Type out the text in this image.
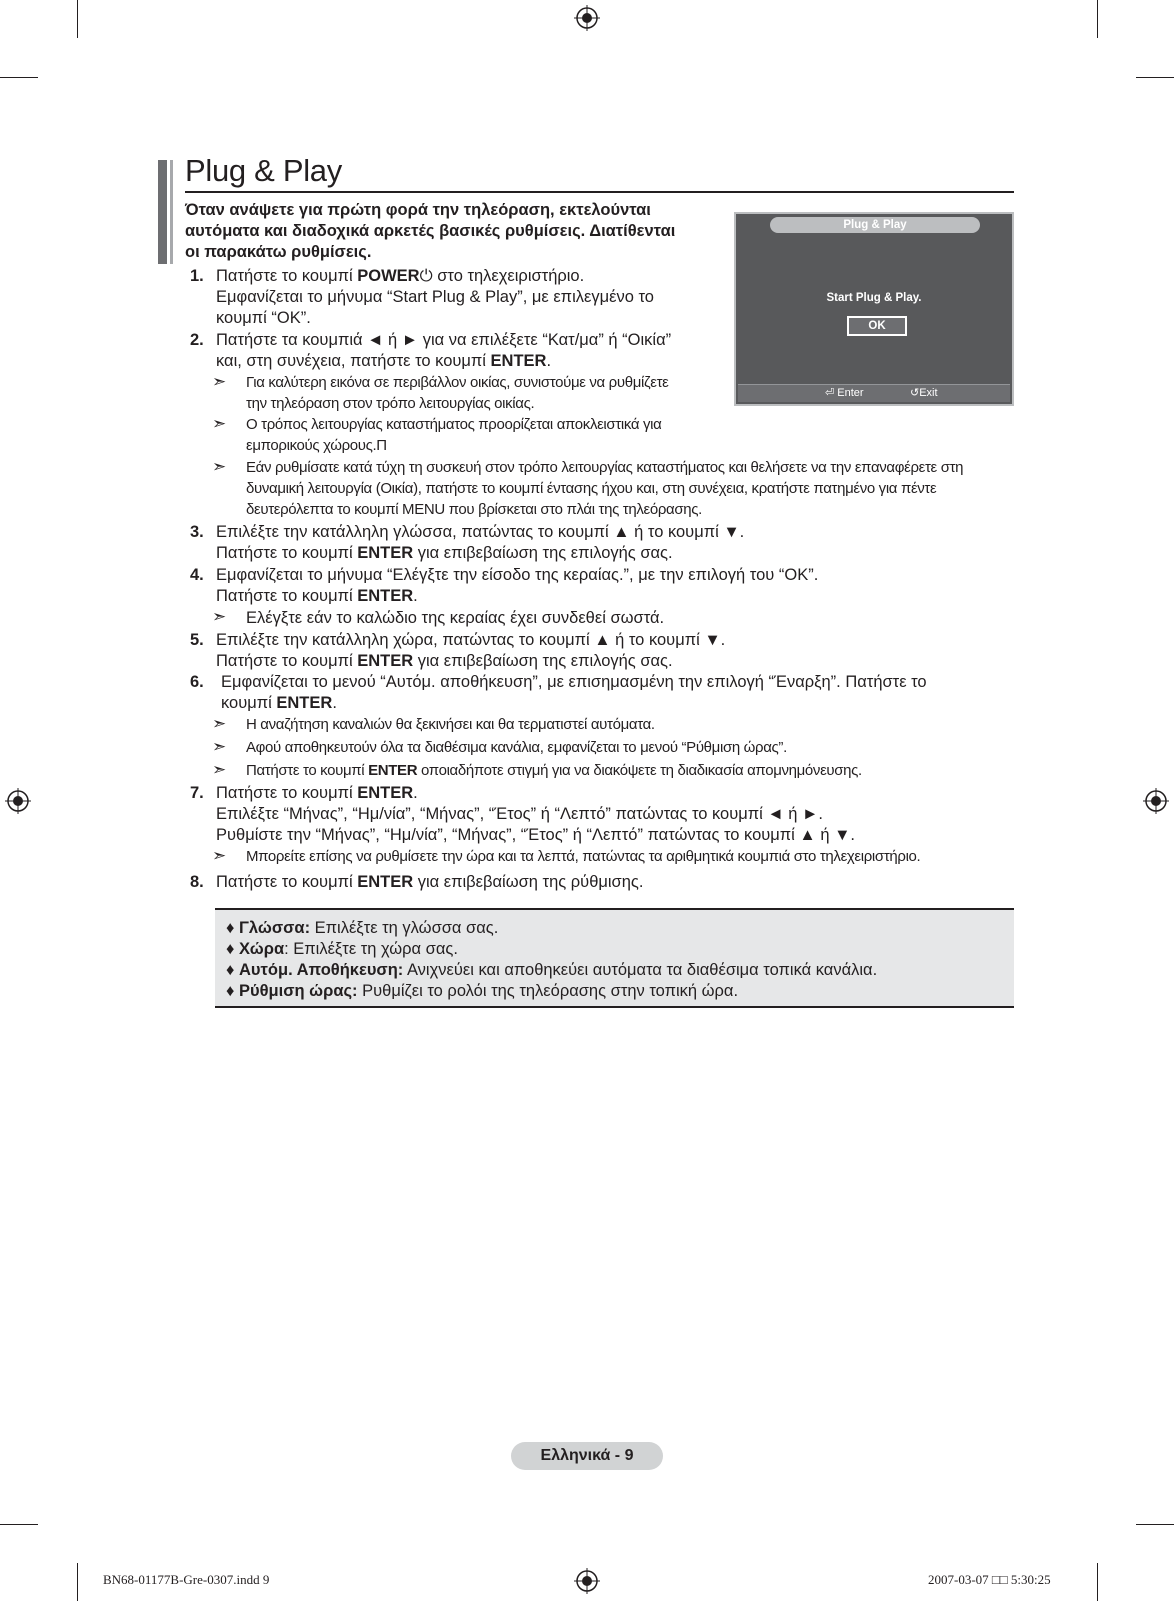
Plug & Play
Όταν ανάψετε για πρώτη φορά την τηλεόραση, εκτελούνται
αυτόματα και διαδοχικά αρκετές βασικές ρυθμίσεις. Διατίθενται
οι παρακάτω ρυθμίσεις.
Plug & Play
Start Plug & Play.
OK
⏎ Enter	↺Exit
1. Πατήστε το κουμπί POWER⏻ στο τηλεχειριστήριο.
Εμφανίζεται το μήνυμα “Start Plug & Play”, με επιλεγμένο το
κουμπί “OK”.
2. Πατήστε τα κουμπιά ◄ ή ► για να επιλέξετε “Κατ/μα” ή “Οικία”
και, στη συνέχεια, πατήστε το κουμπί ENTER.
➣ Για καλύτερη εικόνα σε περιβάλλον οικίας, συνιστούμε να ρυθμίζετε
την τηλεόραση στον τρόπο λειτουργίας οικίας.
➣ Ο τρόπος λειτουργίας καταστήματος προορίζεται αποκλειστικά για
εμπορικούς χώρους.Π
➣ Εάν ρυθμίσατε κατά τύχη τη συσκευή στον τρόπο λειτουργίας καταστήματος και θελήσετε να την επαναφέρετε στη
δυναμική λειτουργία (Οικία), πατήστε το κουμπί έντασης ήχου και, στη συνέχεια, κρατήστε πατημένο για πέντε
δευτερόλεπτα το κουμπί MENU που βρίσκεται στο πλάι της τηλεόρασης.
3. Επιλέξτε την κατάλληλη γλώσσα, πατώντας το κουμπί ▲ ή το κουμπί ▼.
Πατήστε το κουμπί ENTER για επιβεβαίωση της επιλογής σας.
4. Εμφανίζεται το μήνυμα “Ελέγξτε την είσοδο της κεραίας.”, με την επιλογή του “OK”.
Πατήστε το κουμπί ENTER.
➣ Ελέγξτε εάν το καλώδιο της κεραίας έχει συνδεθεί σωστά.
5. Επιλέξτε την κατάλληλη χώρα, πατώντας το κουμπί ▲ ή το κουμπί ▼.
Πατήστε το κουμπί ENTER για επιβεβαίωση της επιλογής σας.
6. Εμφανίζεται το μενού “Αυτόμ. αποθήκευση”, με επισημασμένη την επιλογή “Έναρξη”. Πατήστε το
κουμπί ENTER.
➣ Η αναζήτηση καναλιών θα ξεκινήσει και θα τερματιστεί αυτόματα.
➣ Αφού αποθηκευτούν όλα τα διαθέσιμα κανάλια, εμφανίζεται το μενού “Ρύθμιση ώρας”.
➣ Πατήστε το κουμπί ENTER οποιαδήποτε στιγμή για να διακόψετε τη διαδικασία απομνημόνευσης.
7. Πατήστε το κουμπί ENTER.
Επιλέξτε “Μήνας”, “Ημ/νία”, “Μήνας”, “Έτος” ή “Λεπτό” πατώντας το κουμπί ◄ ή ►.
Ρυθμίστε την “Μήνας”, “Ημ/νία”, “Μήνας”, “Έτος” ή “Λεπτό” πατώντας το κουμπί ▲ ή ▼.
➣ Μπορείτε επίσης να ρυθμίσετε την ώρα και τα λεπτά, πατώντας τα αριθμητικά κουμπιά στο τηλεχειριστήριο.
8. Πατήστε το κουμπί ENTER για επιβεβαίωση της ρύθμισης.
♦ Γλώσσα: Επιλέξτε τη γλώσσα σας.
♦ Χώρα: Επιλέξτε τη χώρα σας.
♦ Αυτόμ. Αποθήκευση: Ανιχνεύει και αποθηκεύει αυτόματα τα διαθέσιμα τοπικά κανάλια.
♦ Ρύθμιση ώρας: Ρυθμίζει το ρολόι της τηλεόρασης στην τοπική ώρα.
Ελληνικά - 9
BN68-01177B-Gre-0307.indd 9	2007-03-07 □□ 5:30:25
